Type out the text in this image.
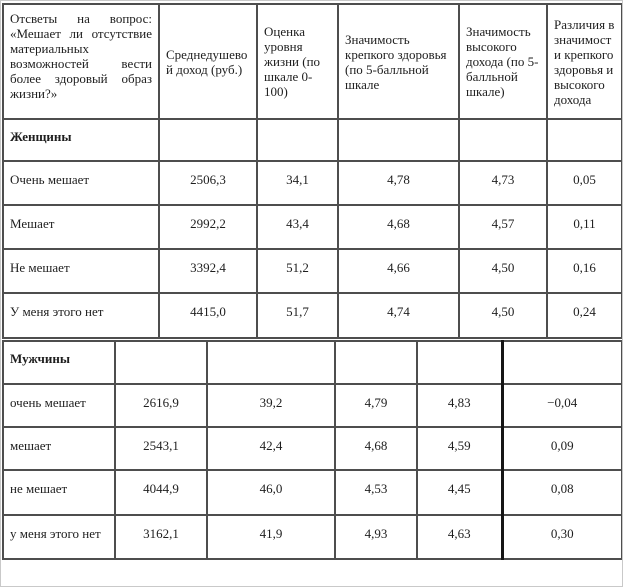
Отсветы на вопрос: «Мешает ли отсутствие материальных возможностей вести более здоровый образ жизни?»	Среднедушевой доход (руб.)	Оценка уровня жизни (по шкале 0-100)	Значимость крепкого здоровья (по 5-балльной шкале	Значимость высокого дохода (по 5-балльной шкале)	Различия в значимости крепкого здоровья и высокого дохода
Женщины					
Очень мешает	2506,3	34,1	4,78	4,73	0,05
Мешает	2992,2	43,4	4,68	4,57	0,11
Не мешает	3392,4	51,2	4,66	4,50	0,16
У меня этого нет	4415,0	51,7	4,74	4,50	0,24
Мужчины					
очень мешает	2616,9	39,2	4,79	4,83	−0,04
мешает	2543,1	42,4	4,68	4,59	0,09
не мешает	4044,9	46,0	4,53	4,45	0,08
у меня этого нет	3162,1	41,9	4,93	4,63	0,30
